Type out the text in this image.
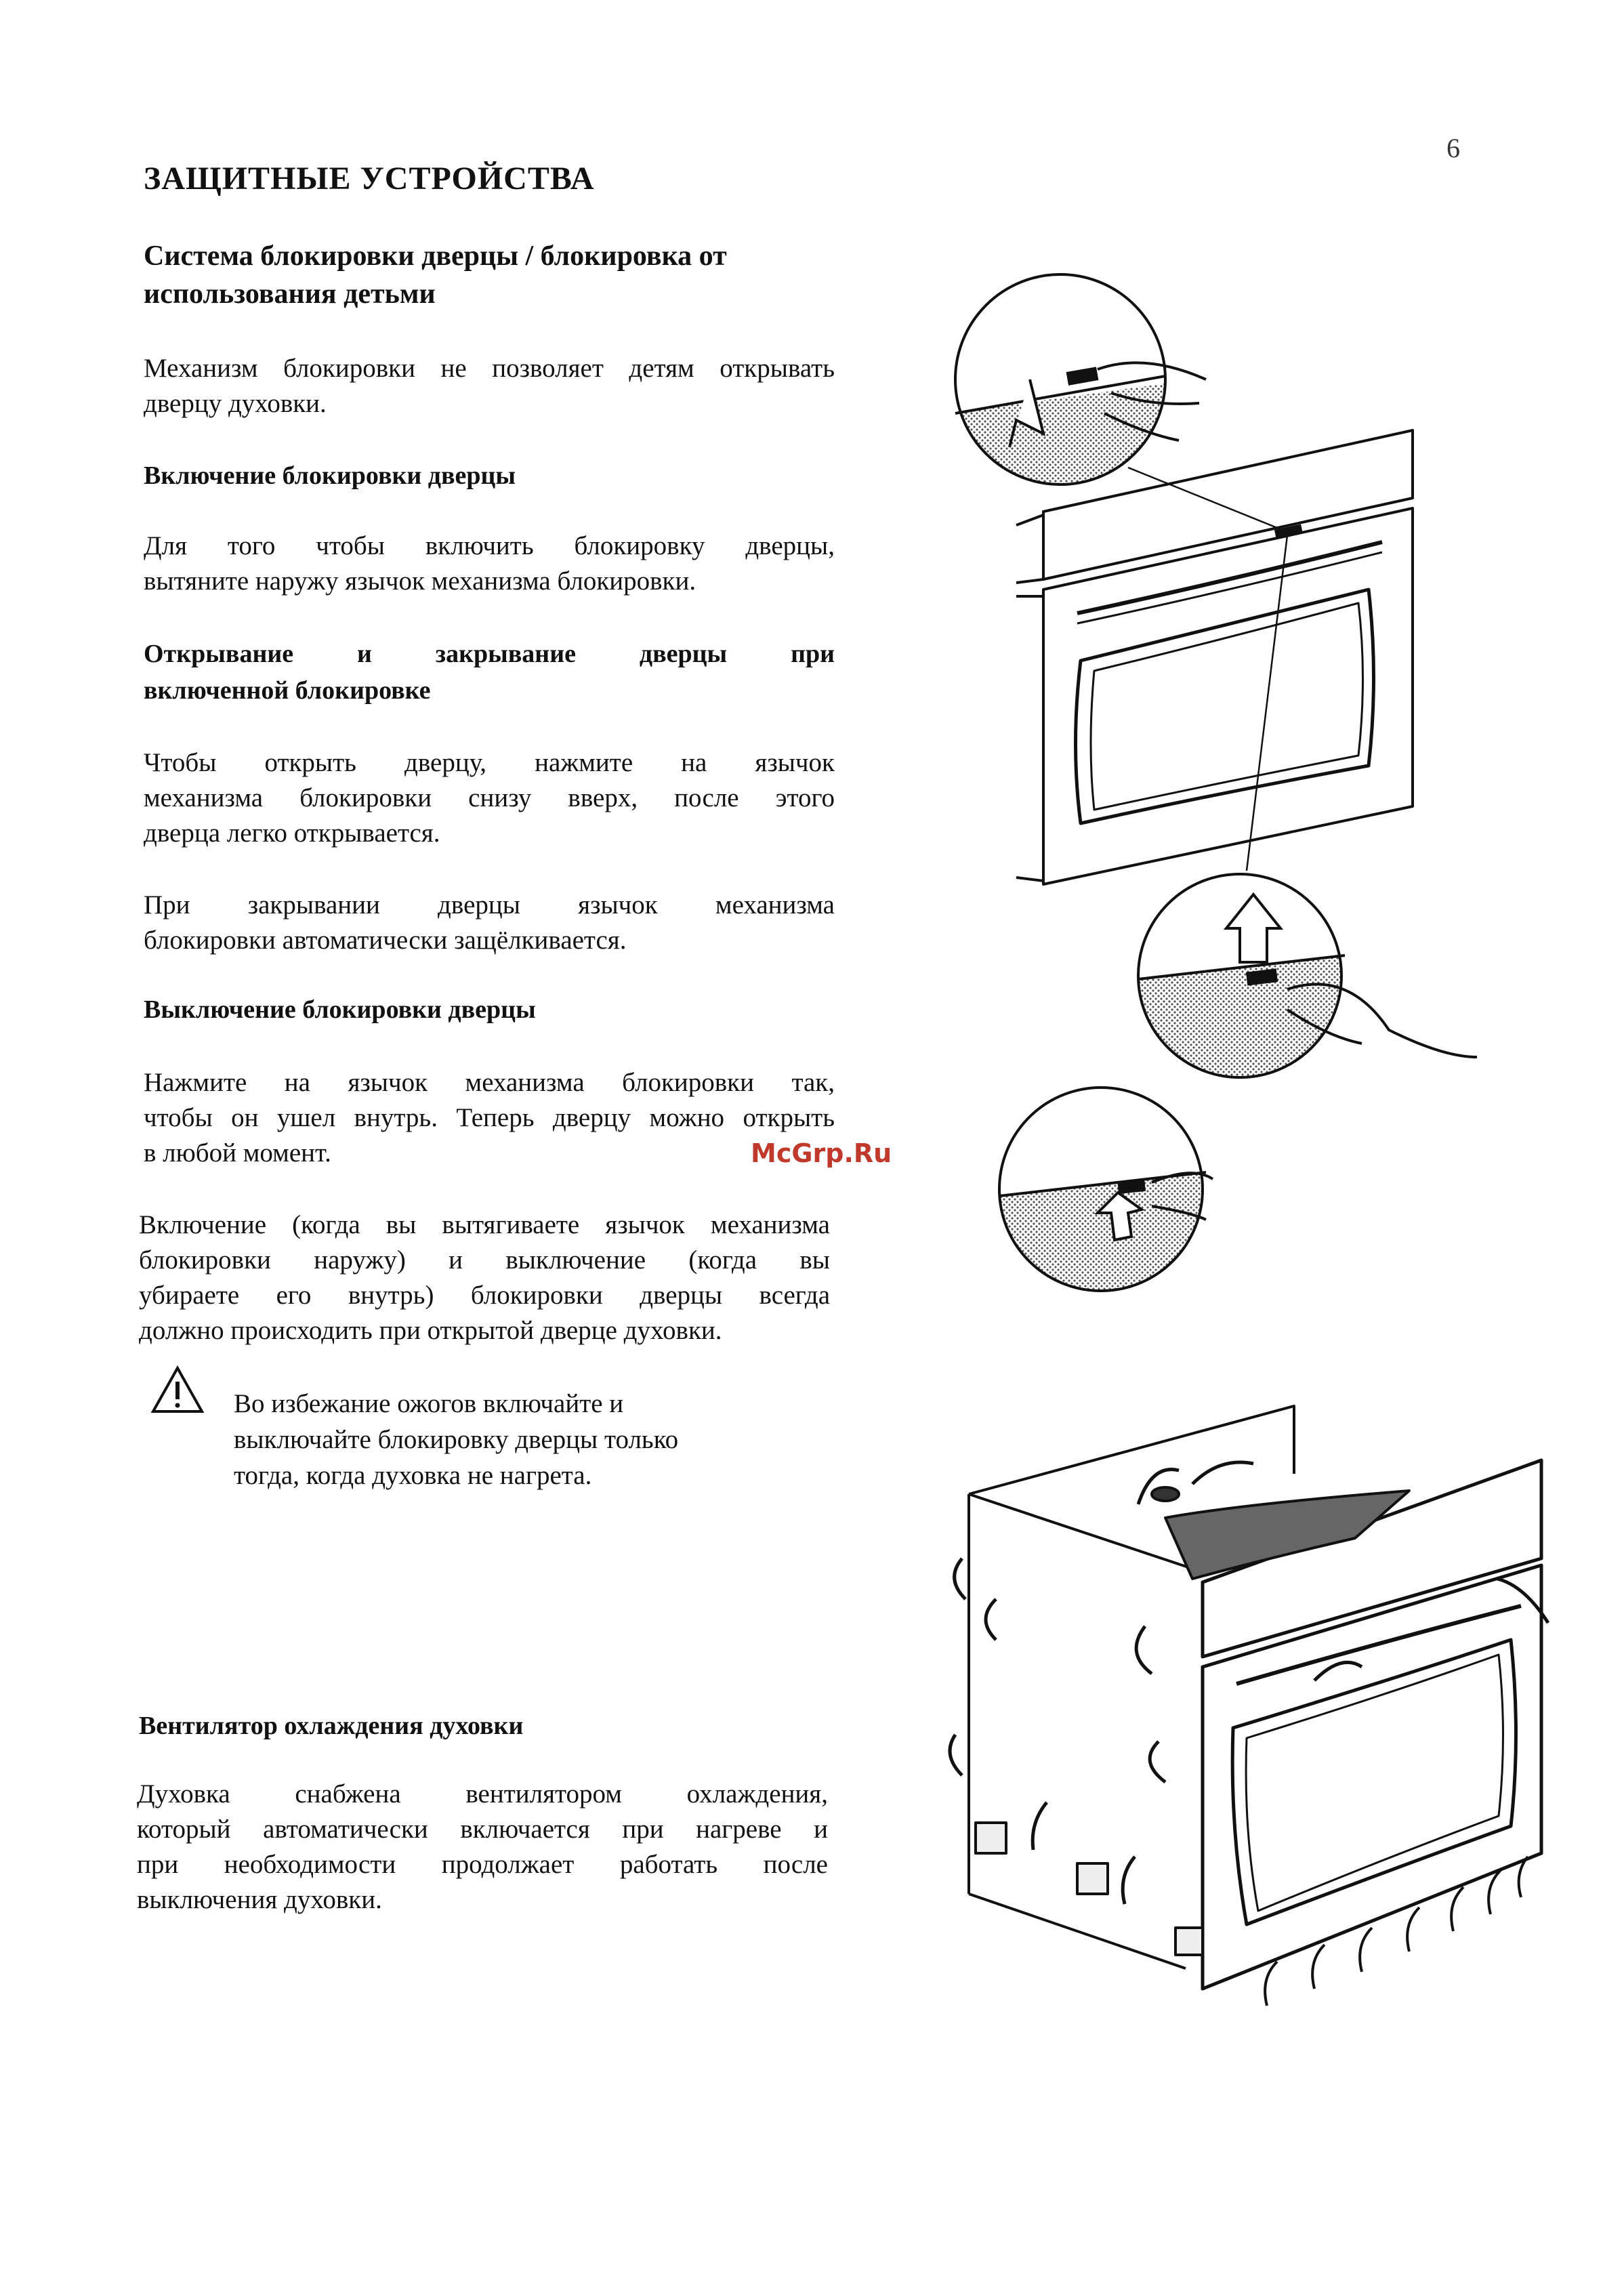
6
ЗАЩИТНЫЕ УСТРОЙСТВА
Система блокировки дверцы / блокировка от
использования детьми
Механизм блокировки не позволяет детям открывать
дверцу духовки.
Включение блокировки дверцы
Для того чтобы включить блокировку дверцы,
вытяните наружу язычок механизма блокировки.
Открывание и закрывание дверцы при
включенной блокировке
Чтобы открыть дверцу, нажмите на язычок
механизма блокировки снизу вверх, после этого
дверца легко открывается.
При закрывании дверцы язычок механизма
блокировки автоматически защёлкивается.
Выключение блокировки дверцы
Нажмите на язычок механизма блокировки так,
чтобы он ушел внутрь. Теперь дверцу можно открыть
в любой момент.	McGrp.Ru
Включение (когда вы вытягиваете язычок механизма
блокировки наружу) и выключение (когда вы
убираете его внутрь) блокировки дверцы всегда
должно происходить при открытой дверце духовки.
Во избежание ожогов включайте и
выключайте блокировку дверцы только
тогда, когда духовка не нагрета.
Вентилятор охлаждения духовки
Духовка снабжена вентилятором охлаждения,
который автоматически включается при нагреве и
при необходимости продолжает работать после
выключения духовки.
